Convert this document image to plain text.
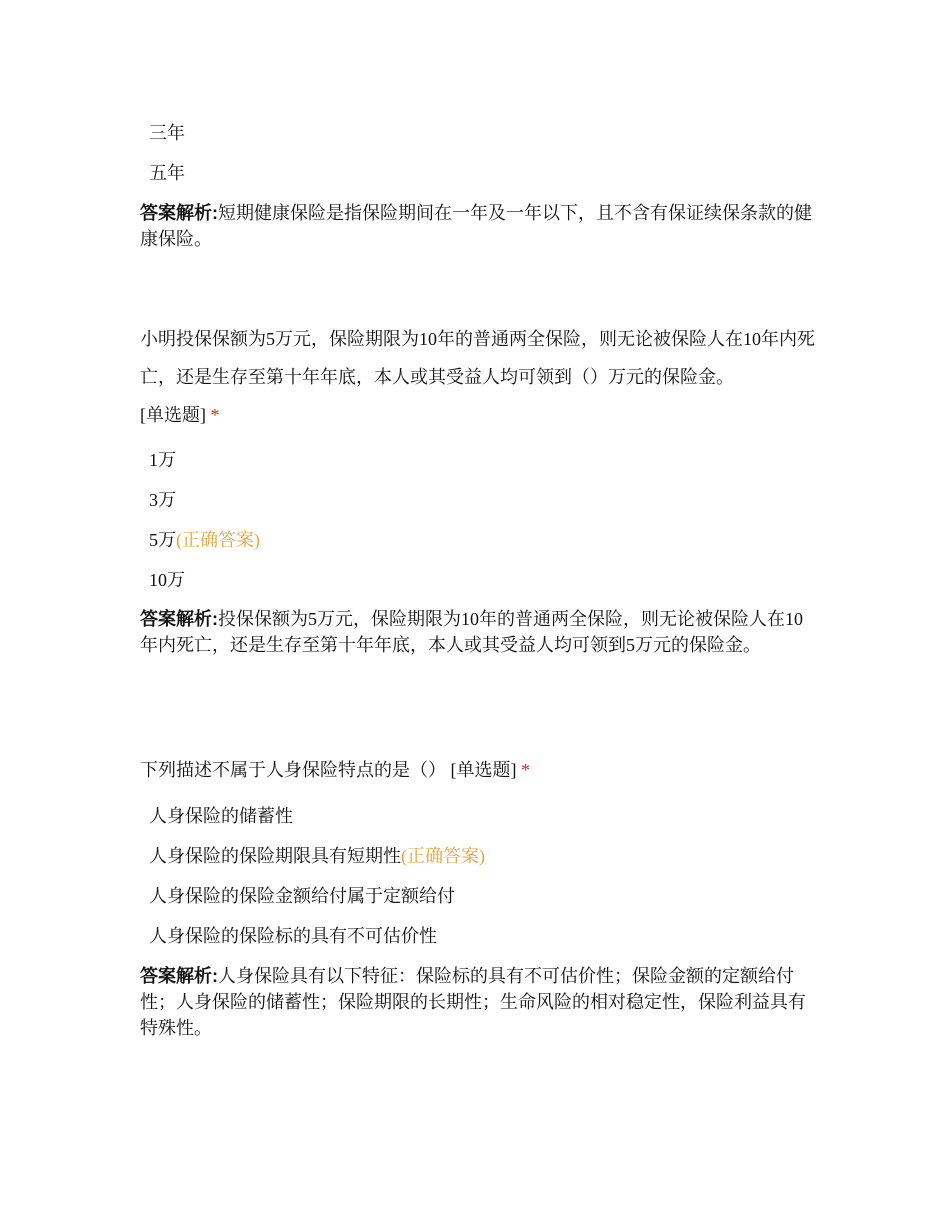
三年
五年
答案解析:短期健康保险是指保险期间在一年及一年以下，且不含有保证续保条款的健康保险。
小明投保保额为5万元，保险期限为10年的普通两全保险，则无论被保险人在10年内死亡，还是生存至第十年年底，本人或其受益人均可领到（）万元的保险金。
[单选题] *
1万
3万
5万(正确答案)
10万
答案解析:投保保额为5万元，保险期限为10年的普通两全保险，则无论被保险人在10年内死亡，还是生存至第十年年底，本人或其受益人均可领到5万元的保险金。
下列描述不属于人身保险特点的是（） [单选题] *
人身保险的储蓄性
人身保险的保险期限具有短期性(正确答案)
人身保险的保险金额给付属于定额给付
人身保险的保险标的具有不可估价性
答案解析:人身保险具有以下特征：保险标的具有不可估价性；保险金额的定额给付性；人身保险的储蓄性；保险期限的长期性；生命风险的相对稳定性，保险利益具有特殊性。
